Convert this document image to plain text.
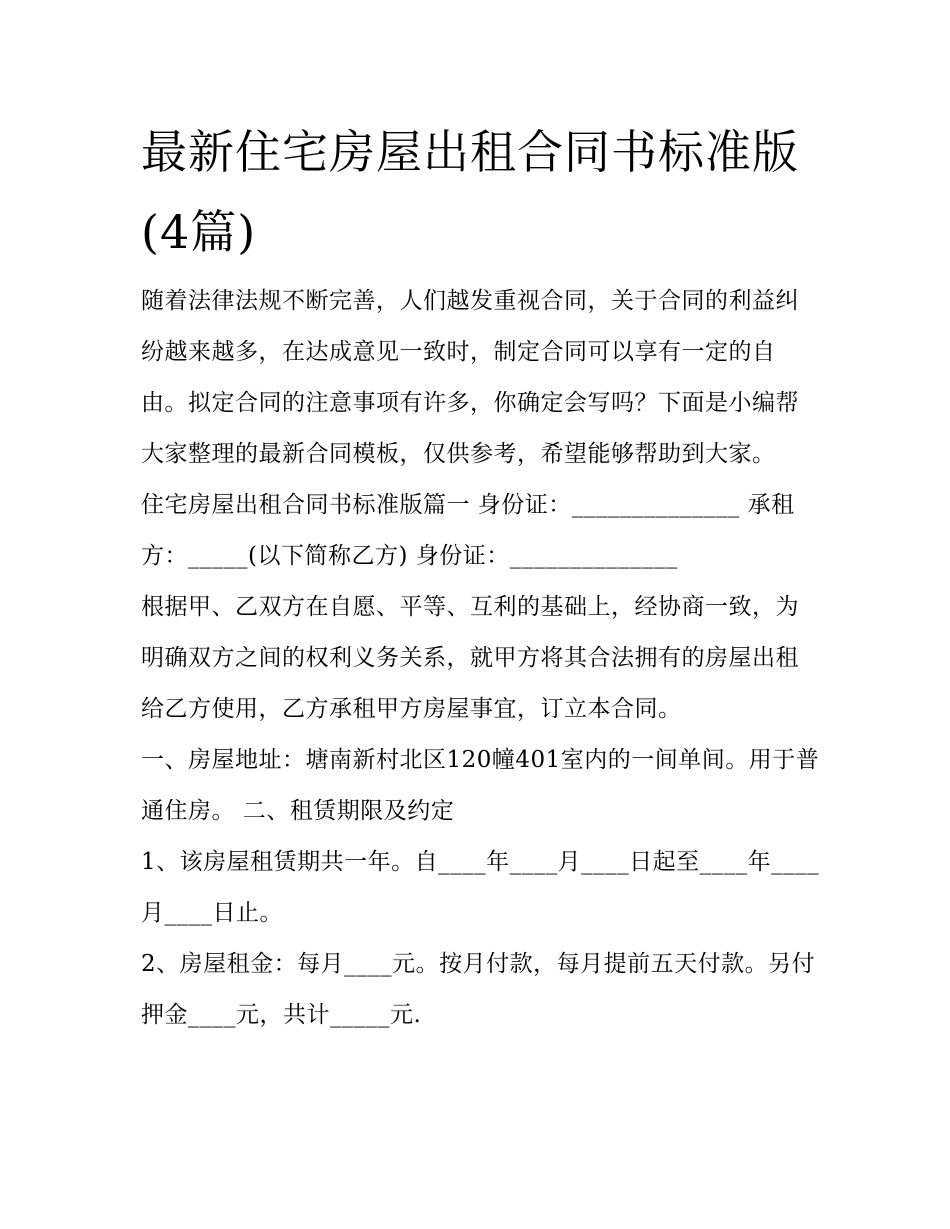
最新住宅房屋出租合同书标准版(4篇)

随着法律法规不断完善，人们越发重视合同，关于合同的利益纠纷越来越多，在达成意见一致时，制定合同可以享有一定的自由。拟定合同的注意事项有许多，你确定会写吗？下面是小编帮大家整理的最新合同模板，仅供参考，希望能够帮助到大家。

住宅房屋出租合同书标准版篇一 身份证：______________ 承租方：_____(以下简称乙方) 身份证：______________

根据甲、乙双方在自愿、平等、互利的基础上，经协商一致，为明确双方之间的权利义务关系，就甲方将其合法拥有的房屋出租给乙方使用，乙方承租甲方房屋事宜，订立本合同。

一、房屋地址：塘南新村北区120幢401室内的一间单间。用于普通住房。 二、租赁期限及约定

1、该房屋租赁期共一年。自____年____月____日起至____年____月____日止。

2、房屋租金：每月____元。按月付款，每月提前五天付款。另付押金____元，共计_____元.
